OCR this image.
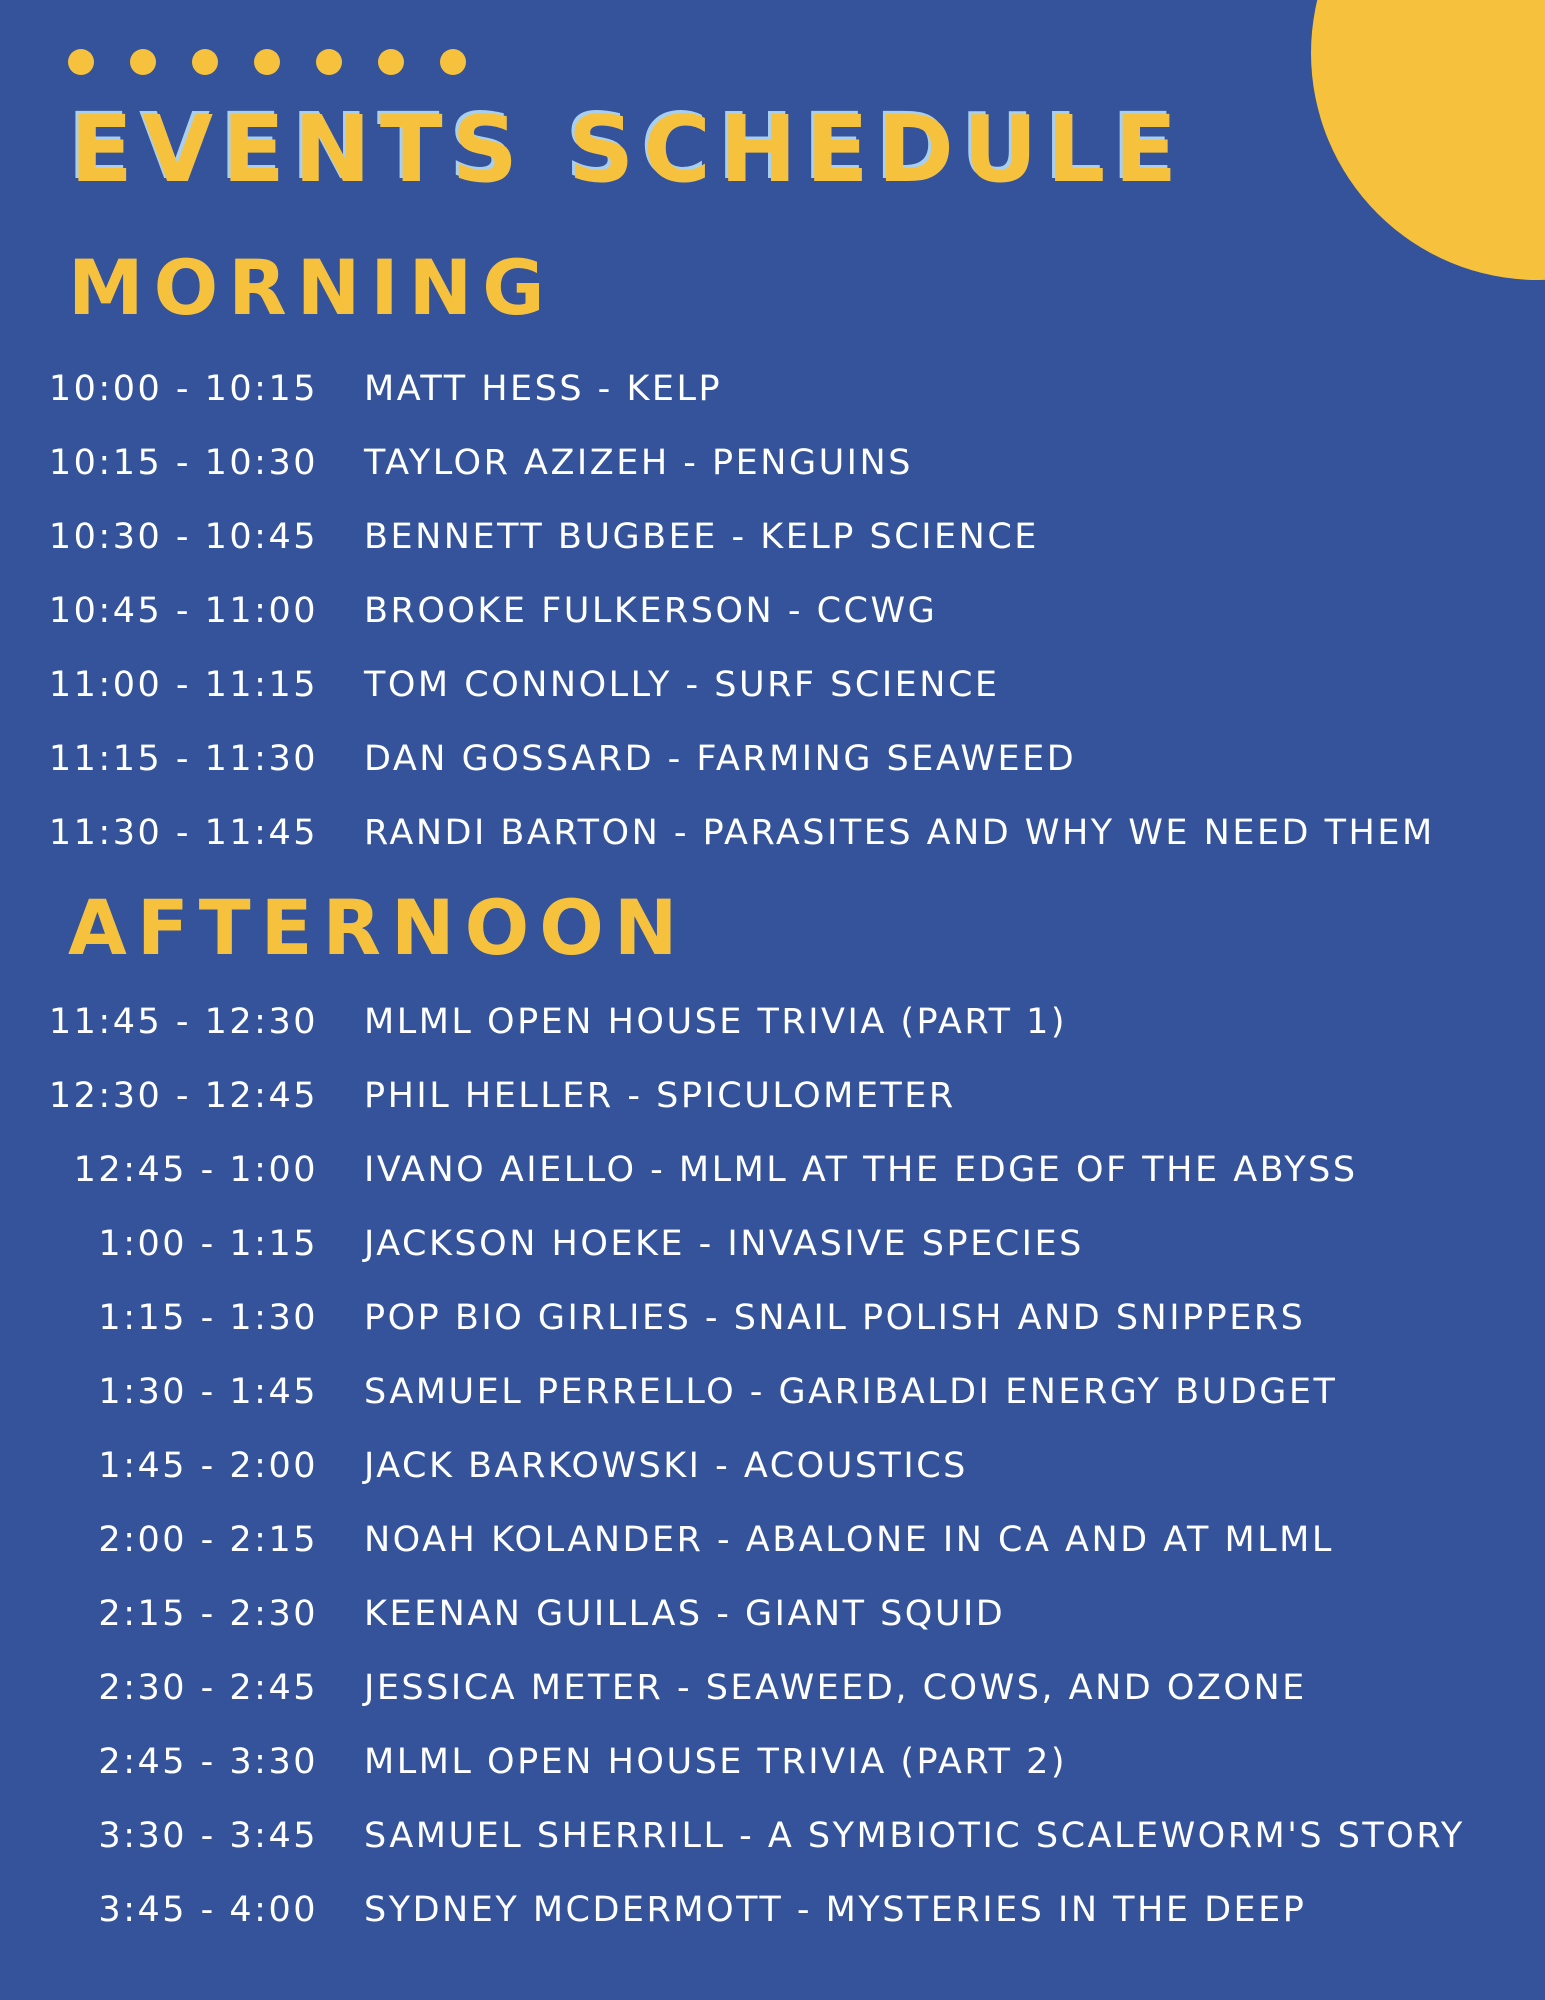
EVENTS SCHEDULE
MORNING
10:00 - 10:15 MATT HESS - KELP
10:15 - 10:30 TAYLOR AZIZEH - PENGUINS
10:30 - 10:45 BENNETT BUGBEE - KELP SCIENCE
10:45 - 11:00 BROOKE FULKERSON - CCWG
11:00 - 11:15 TOM CONNOLLY - SURF SCIENCE
11:15 - 11:30 DAN GOSSARD - FARMING SEAWEED
11:30 - 11:45 RANDI BARTON - PARASITES AND WHY WE NEED THEM
AFTERNOON
11:45 - 12:30 MLML OPEN HOUSE TRIVIA (PART 1)
12:30 - 12:45 PHIL HELLER - SPICULOMETER
12:45 - 1:00 IVANO AIELLO - MLML AT THE EDGE OF THE ABYSS
1:00 - 1:15 JACKSON HOEKE - INVASIVE SPECIES
1:15 - 1:30 POP BIO GIRLIES - SNAIL POLISH AND SNIPPERS
1:30 - 1:45 SAMUEL PERRELLO - GARIBALDI ENERGY BUDGET
1:45 - 2:00 JACK BARKOWSKI - ACOUSTICS
2:00 - 2:15 NOAH KOLANDER - ABALONE IN CA AND AT MLML
2:15 - 2:30 KEENAN GUILLAS - GIANT SQUID
2:30 - 2:45 JESSICA METER - SEAWEED, COWS, AND OZONE
2:45 - 3:30 MLML OPEN HOUSE TRIVIA (PART 2)
3:30 - 3:45 SAMUEL SHERRILL - A SYMBIOTIC SCALEWORM'S STORY
3:45 - 4:00 SYDNEY MCDERMOTT - MYSTERIES IN THE DEEP
